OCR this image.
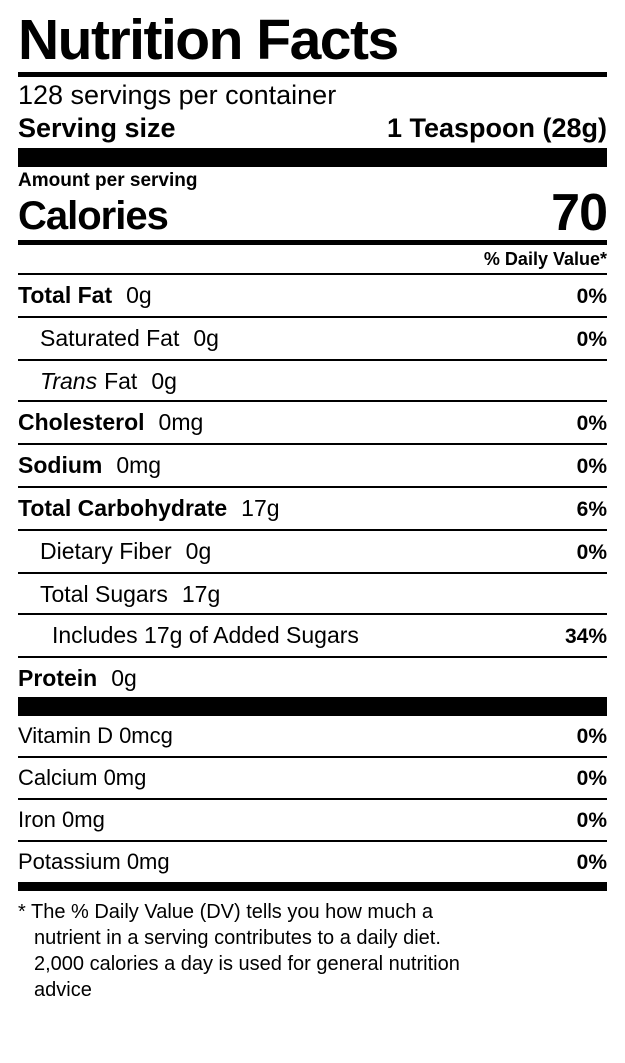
Nutrition Facts
128 servings per container
Serving size	1 Teaspoon (28g)
Amount per serving
Calories	70
% Daily Value*
Total Fat 0g	0%
Saturated Fat 0g	0%
Trans Fat 0g
Cholesterol 0mg	0%
Sodium 0mg	0%
Total Carbohydrate 17g	6%
Dietary Fiber 0g	0%
Total Sugars 17g
Includes 17g of Added Sugars	34%
Protein 0g
Vitamin D 0mcg	0%
Calcium 0mg	0%
Iron 0mg	0%
Potassium 0mg	0%

* The % Daily Value (DV) tells you how much a

nutrient in a serving contributes to a daily diet.

2,000 calories a day is used for general nutrition

advice
